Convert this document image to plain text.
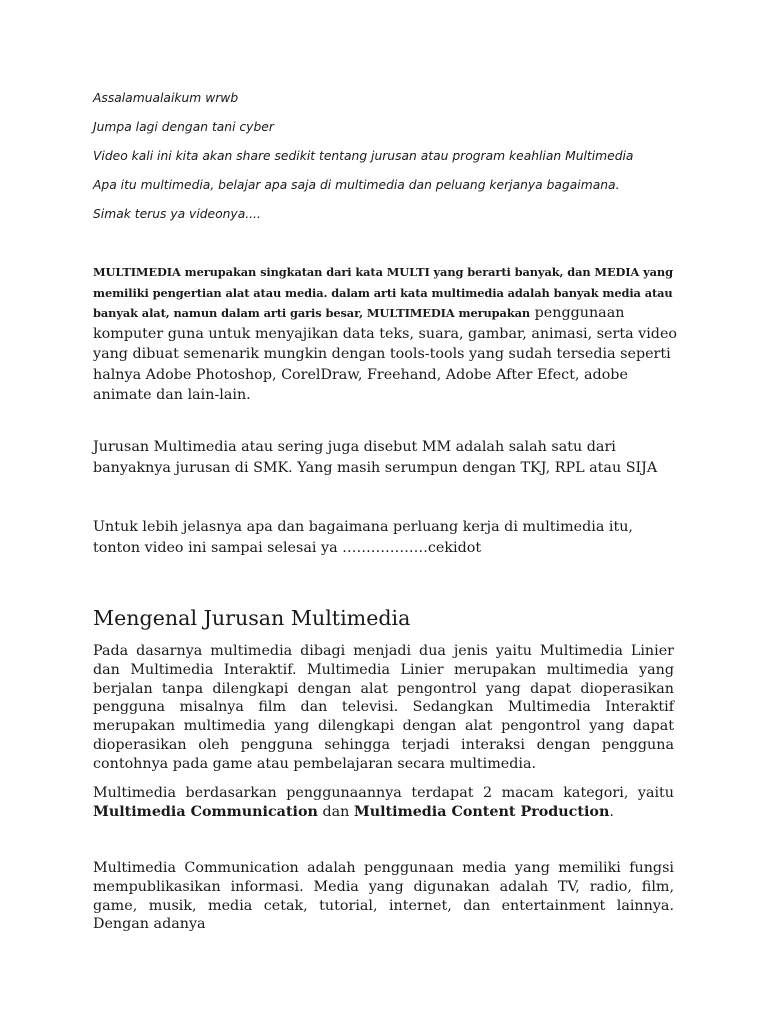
Assalamualaikum wrwb

Jumpa lagi dengan tani cyber

Video kali ini kita akan share sedikit tentang jurusan atau program keahlian Multimedia

Apa itu multimedia, belajar apa saja di multimedia dan peluang kerjanya bagaimana.

Simak terus ya videonya....

MULTIMEDIA merupakan singkatan dari kata MULTI yang berarti banyak, dan MEDIA yang memiliki pengertian alat atau media. dalam arti kata multimedia adalah banyak media atau banyak alat, namun dalam arti garis besar, MULTIMEDIA merupakan penggunaan komputer guna untuk menyajikan data teks, suara, gambar, animasi, serta video yang dibuat semenarik mungkin dengan tools-tools yang sudah tersedia seperti halnya Adobe Photoshop, CorelDraw, Freehand, Adobe After Efect, adobe animate dan lain-lain.

Jurusan Multimedia atau sering juga disebut MM adalah salah satu dari banyaknya jurusan di SMK. Yang masih serumpun dengan TKJ, RPL atau SIJA

Untuk lebih jelasnya apa dan bagaimana perluang kerja di multimedia itu, tonton video ini sampai selesai ya ………………cekidot

Mengenal Jurusan Multimedia

Pada dasarnya multimedia dibagi menjadi dua jenis yaitu Multimedia Linier dan Multimedia Interaktif. Multimedia Linier merupakan multimedia yang berjalan tanpa dilengkapi dengan alat pengontrol yang dapat dioperasikan pengguna misalnya film dan televisi. Sedangkan Multimedia Interaktif merupakan multimedia yang dilengkapi dengan alat pengontrol yang dapat dioperasikan oleh pengguna sehingga terjadi interaksi dengan pengguna contohnya pada game atau pembelajaran secara multimedia.

Multimedia berdasarkan penggunaannya terdapat 2 macam kategori, yaitu Multimedia Communication dan Multimedia Content Production.

Multimedia Communication adalah penggunaan media yang memiliki fungsi mempublikasikan informasi. Media yang digunakan adalah TV, radio, film, game, musik, media cetak, tutorial, internet, dan entertainment lainnya. Dengan adanya
